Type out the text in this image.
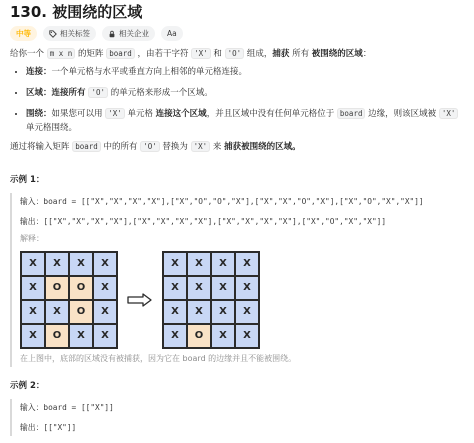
130. 被围绕的区域
中等	相关标签	相关企业	Aa
给你一个 m x n 的矩阵 board ，由若干字符 'X' 和 'O' 组成，捕获 所有 被围绕的区域：
• 连接：一个单元格与水平或垂直方向上相邻的单元格连接。
• 区域：连接所有 'O' 的单元格来形成一个区域。
• 围绕：如果您可以用 'X' 单元格 连接这个区域，并且区域中没有任何单元格位于 board 边缘，则该区域被 'X' 单元格围绕。
通过将输入矩阵 board 中的所有 'O' 替换为 'X' 来 捕获被围绕的区域。
示例 1：
输入：board = [["X","X","X","X"],["X","O","O","X"],["X","X","O","X"],["X","O","X","X"]]
输出：[["X","X","X","X"],["X","X","X","X"],["X","X","X","X"],["X","O","X","X"]]
解释：
X	X	X	X
X	O	O	X
X	X	O	X
X	O	X	X
X	X	X	X
X	X	X	X
X	X	X	X
X	O	X	X
在上图中，底部的区域没有被捕获，因为它在 board 的边缘并且不能被围绕。
示例 2：
输入：board = [["X"]]
输出：[["X"]]
